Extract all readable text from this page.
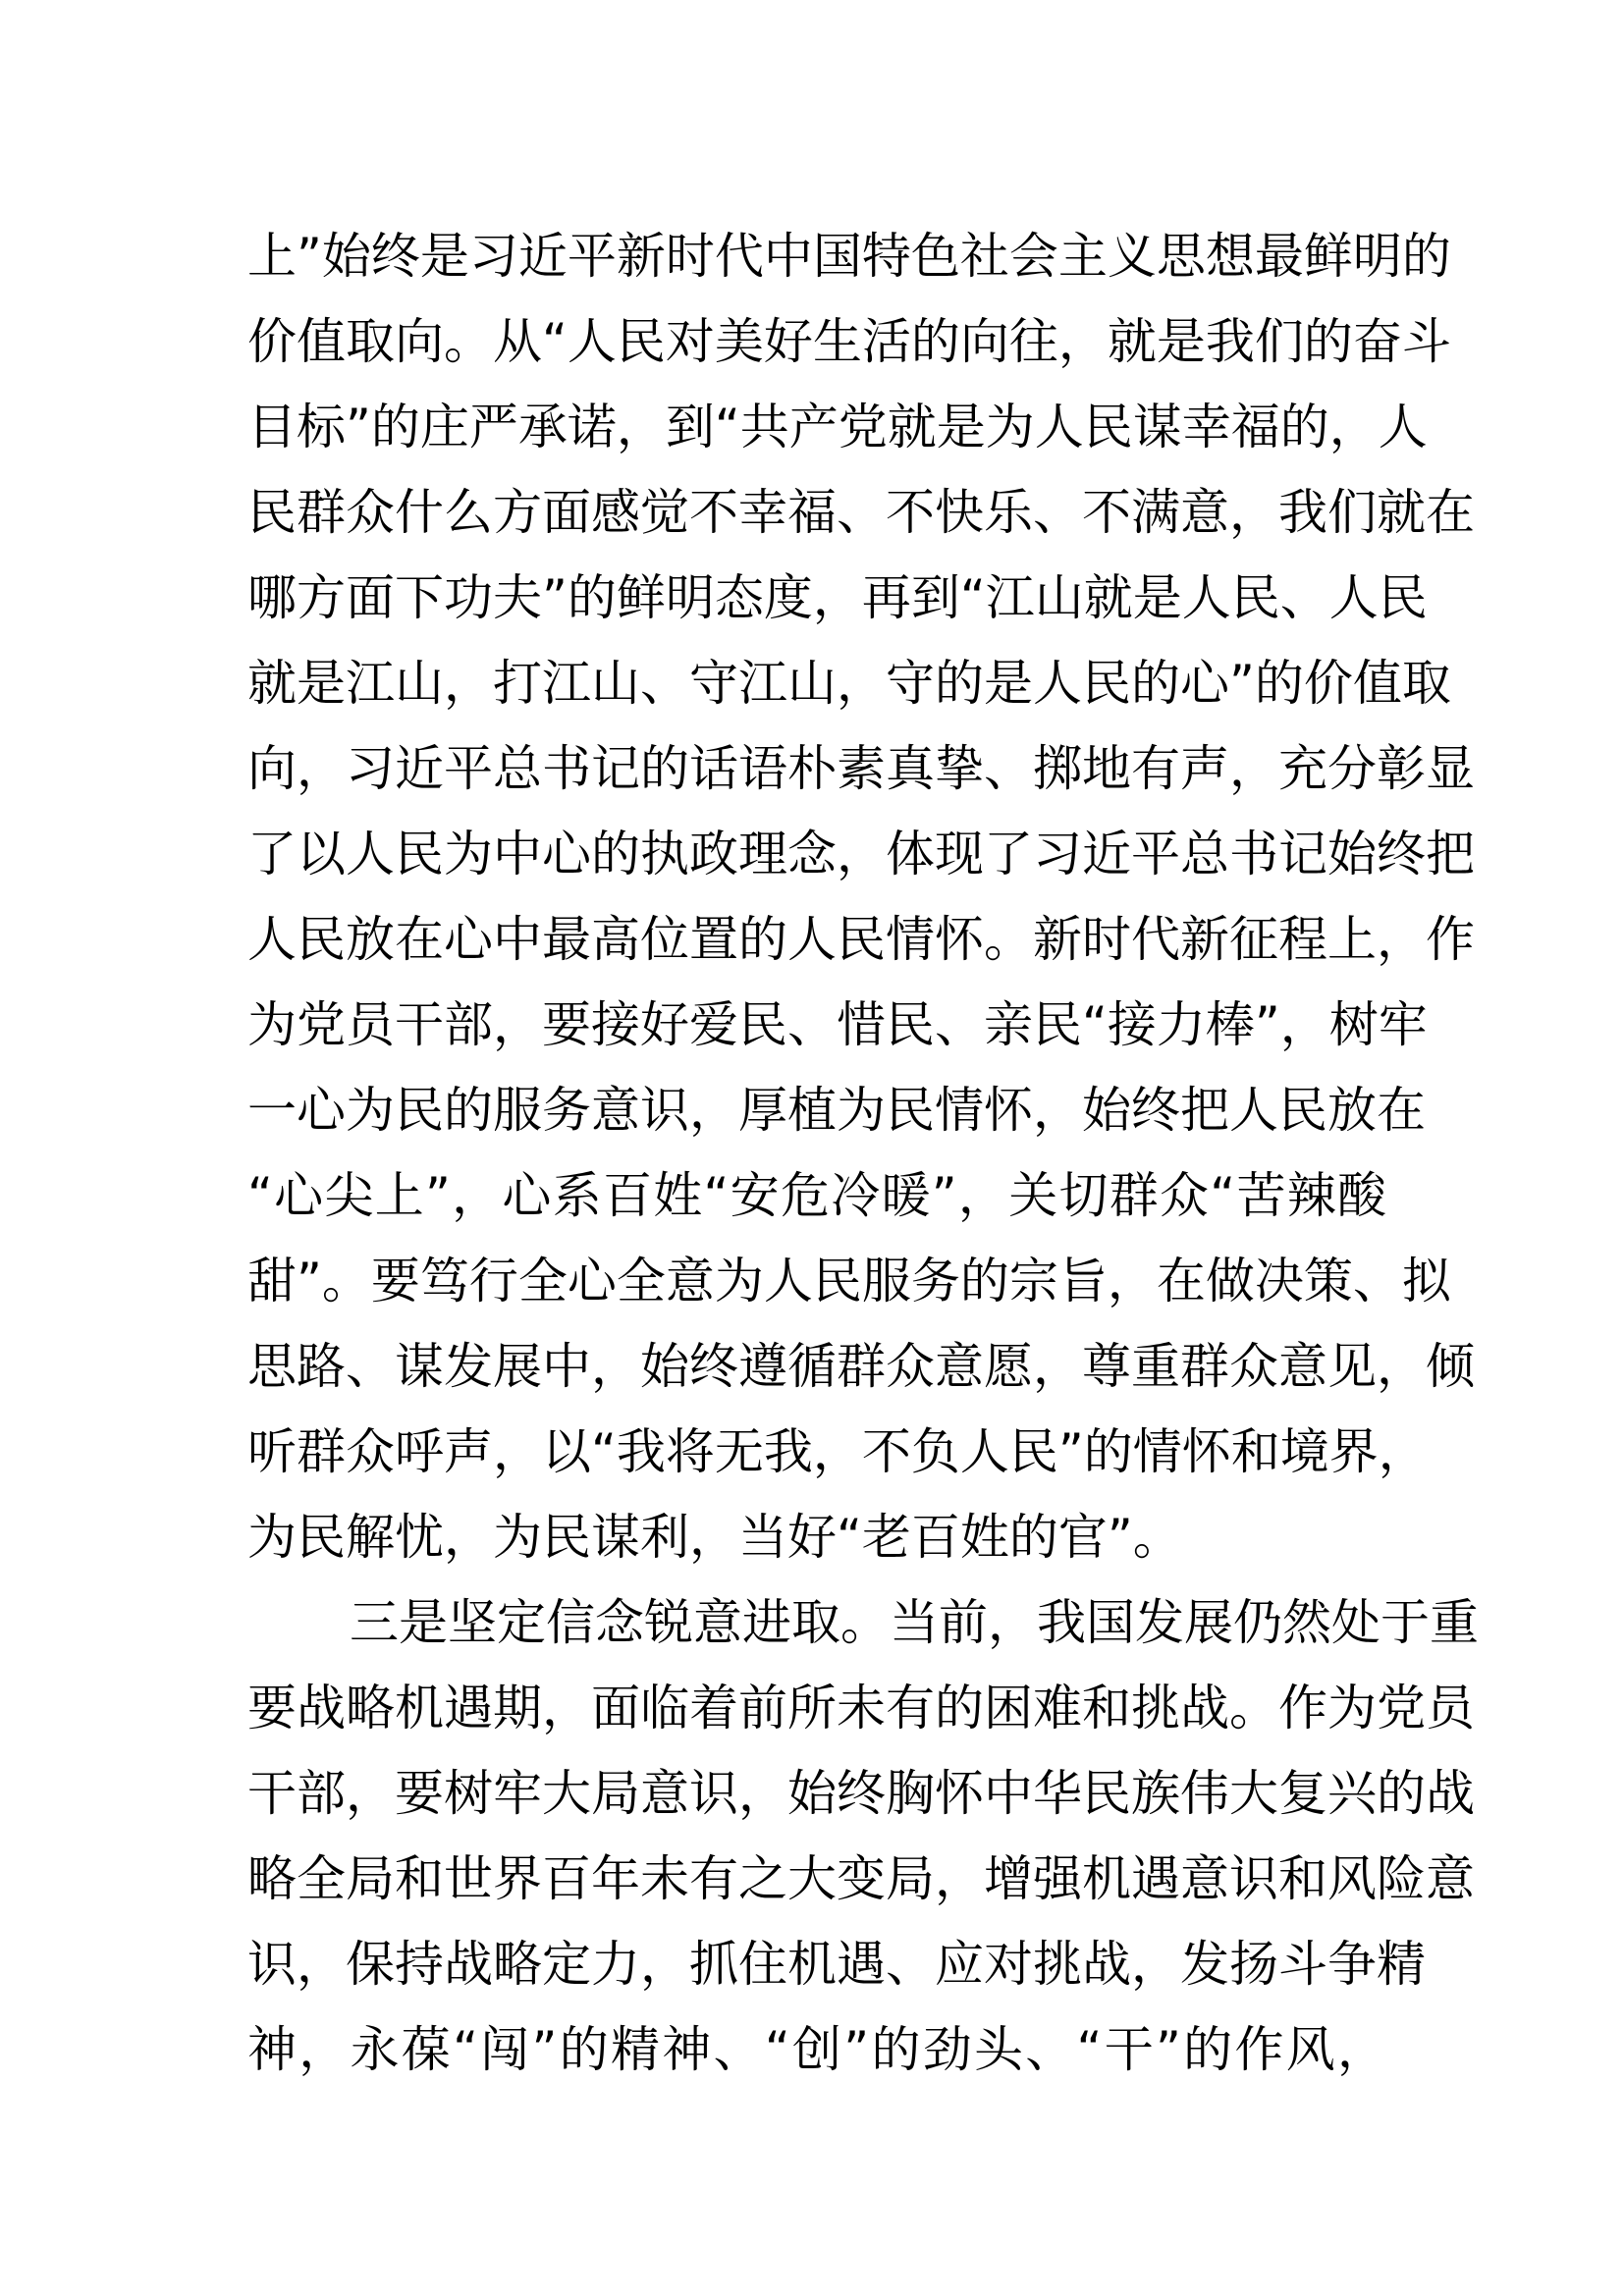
上”始终是习近平新时代中国特色社会主义思想最鲜明的
价值取向。从“人民对美好生活的向往，就是我们的奋斗
目标”的庄严承诺，到“共产党就是为人民谋幸福的，人
民群众什么方面感觉不幸福、不快乐、不满意，我们就在
哪方面下功夫”的鲜明态度，再到“江山就是人民、人民
就是江山，打江山、守江山，守的是人民的心”的价值取
向，习近平总书记的话语朴素真挚、掷地有声，充分彰显
了以人民为中心的执政理念，体现了习近平总书记始终把
人民放在心中最高位置的人民情怀。新时代新征程上，作
为党员干部，要接好爱民、惜民、亲民“接力棒”，树牢
一心为民的服务意识，厚植为民情怀，始终把人民放在
“心尖上”，心系百姓“安危冷暖”，关切群众“苦辣酸
甜”。要笃行全心全意为人民服务的宗旨，在做决策、拟
思路、谋发展中，始终遵循群众意愿，尊重群众意见，倾
听群众呼声，以“我将无我，不负人民”的情怀和境界，
为民解忧，为民谋利，当好“老百姓的官”。
三是坚定信念锐意进取。当前，我国发展仍然处于重
要战略机遇期，面临着前所未有的困难和挑战。作为党员
干部，要树牢大局意识，始终胸怀中华民族伟大复兴的战
略全局和世界百年未有之大变局，增强机遇意识和风险意
识，保持战略定力，抓住机遇、应对挑战，发扬斗争精
神，永葆“闯”的精神、“创”的劲头、“干”的作风，
